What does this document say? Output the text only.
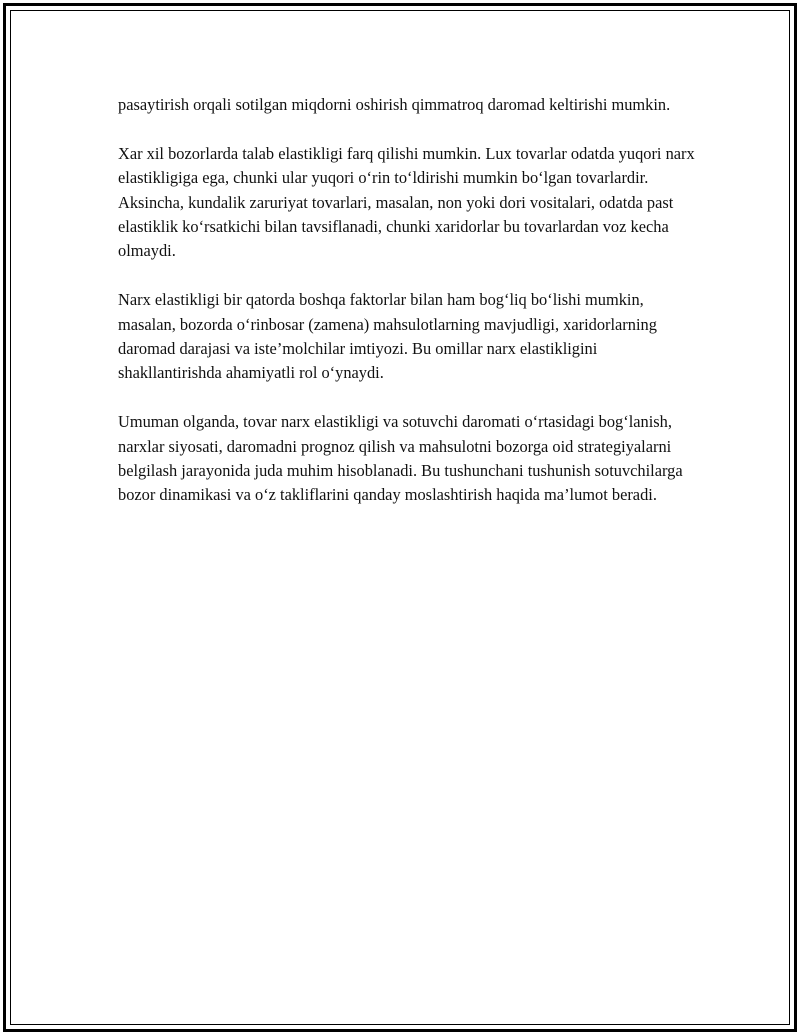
pasaytirish orqali sotilgan miqdorni oshirish qimmatroq daromad keltirishi mumkin.

Xar xil bozorlarda talab elastikligi farq qilishi mumkin. Lux tovarlar odatda yuqori narx elastikligiga ega, chunki ular yuqori o‘rin to‘ldirishi mumkin bo‘lgan tovarlardir. Aksincha, kundalik zaruriyat tovarlari, masalan, non yoki dori vositalari, odatda past elastiklik ko‘rsatkichi bilan tavsiflanadi, chunki xaridorlar bu tovarlardan voz kecha olmaydi.

Narx elastikligi bir qatorda boshqa faktorlar bilan ham bog‘liq bo‘lishi mumkin, masalan, bozorda o‘rinbosar (zamena) mahsulotlarning mavjudligi, xaridorlarning daromad darajasi va iste’molchilar imtiyozi. Bu omillar narx elastikligini shakllantirishda ahamiyatli rol o‘ynaydi.

Umuman olganda, tovar narx elastikligi va sotuvchi daromati o‘rtasidagi bog‘lanish, narxlar siyosati, daromadni prognoz qilish va mahsulotni bozorga oid strategiyalarni belgilash jarayonida juda muhim hisoblanadi. Bu tushunchani tushunish sotuvchilarga bozor dinamikasi va o‘z takliflarini qanday moslashtirish haqida ma’lumot beradi.
